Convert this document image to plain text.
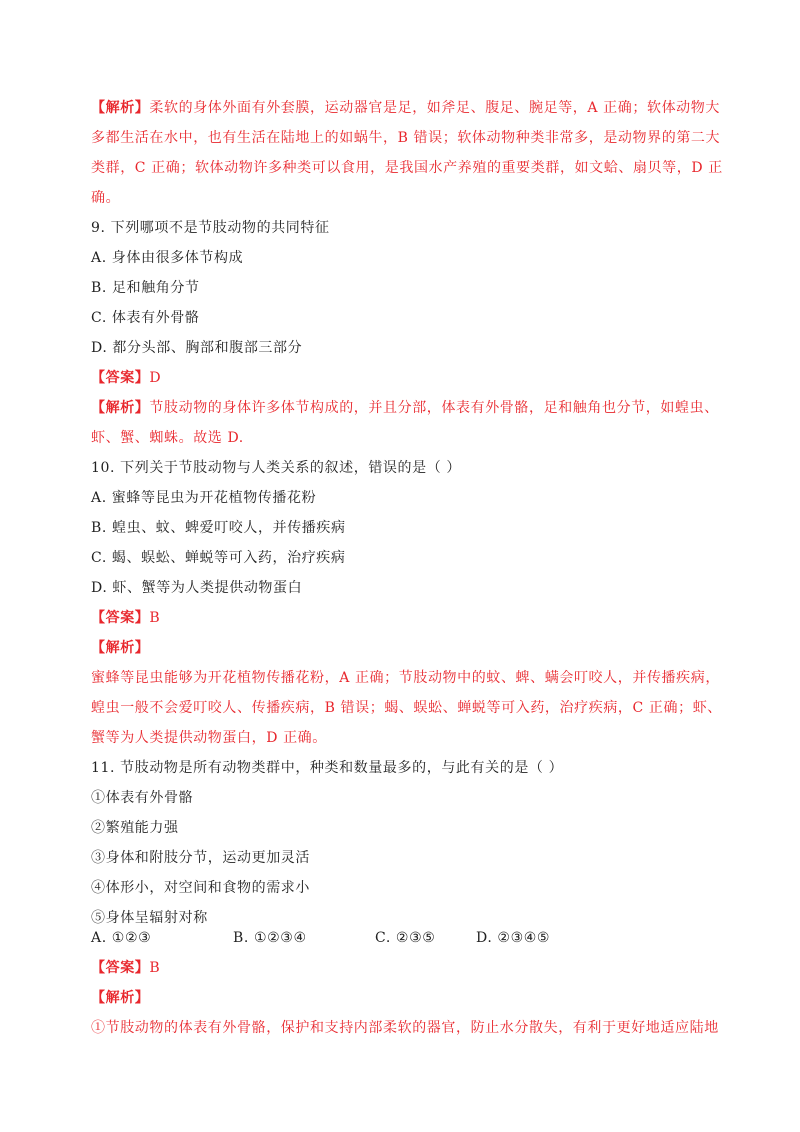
【解析】柔软的身体外面有外套膜，运动器官是足，如斧足、腹足、腕足等，A 正确；软体动物大
多都生活在水中，也有生活在陆地上的如蜗牛，B 错误；软体动物种类非常多，是动物界的第二大
类群，C 正确；软体动物许多种类可以食用，是我国水产养殖的重要类群，如文蛤、扇贝等，D 正
确。
9. 下列哪项不是节肢动物的共同特征
A. 身体由很多体节构成
B. 足和触角分节
C. 体表有外骨骼
D. 都分头部、胸部和腹部三部分
【答案】D
【解析】节肢动物的身体许多体节构成的，并且分部，体表有外骨骼，足和触角也分节，如蝗虫、
虾、蟹、蜘蛛。故选 D.
10. 下列关于节肢动物与人类关系的叙述，错误的是（ ）
A. 蜜蜂等昆虫为开花植物传播花粉
B. 蝗虫、蚊、蜱爱叮咬人，并传播疾病
C. 蝎、蜈蚣、蝉蜕等可入药，治疗疾病
D. 虾、蟹等为人类提供动物蛋白
【答案】B
【解析】
蜜蜂等昆虫能够为开花植物传播花粉，A 正确；节肢动物中的蚊、蜱、螨会叮咬人，并传播疾病，
蝗虫一般不会爱叮咬人、传播疾病，B 错误；蝎、蜈蚣、蝉蜕等可入药，治疗疾病，C 正确；虾、
蟹等为人类提供动物蛋白，D 正确。
11. 节肢动物是所有动物类群中，种类和数量最多的，与此有关的是（ ）
①体表有外骨骼
②繁殖能力强
③身体和附肢分节，运动更加灵活
④体形小，对空间和食物的需求小
⑤身体呈辐射对称
A. ①②③	B. ①②③④	C. ②③⑤	D. ②③④⑤
【答案】B
【解析】
①节肢动物的体表有外骨骼，保护和支持内部柔软的器官，防止水分散失，有利于更好地适应陆地
